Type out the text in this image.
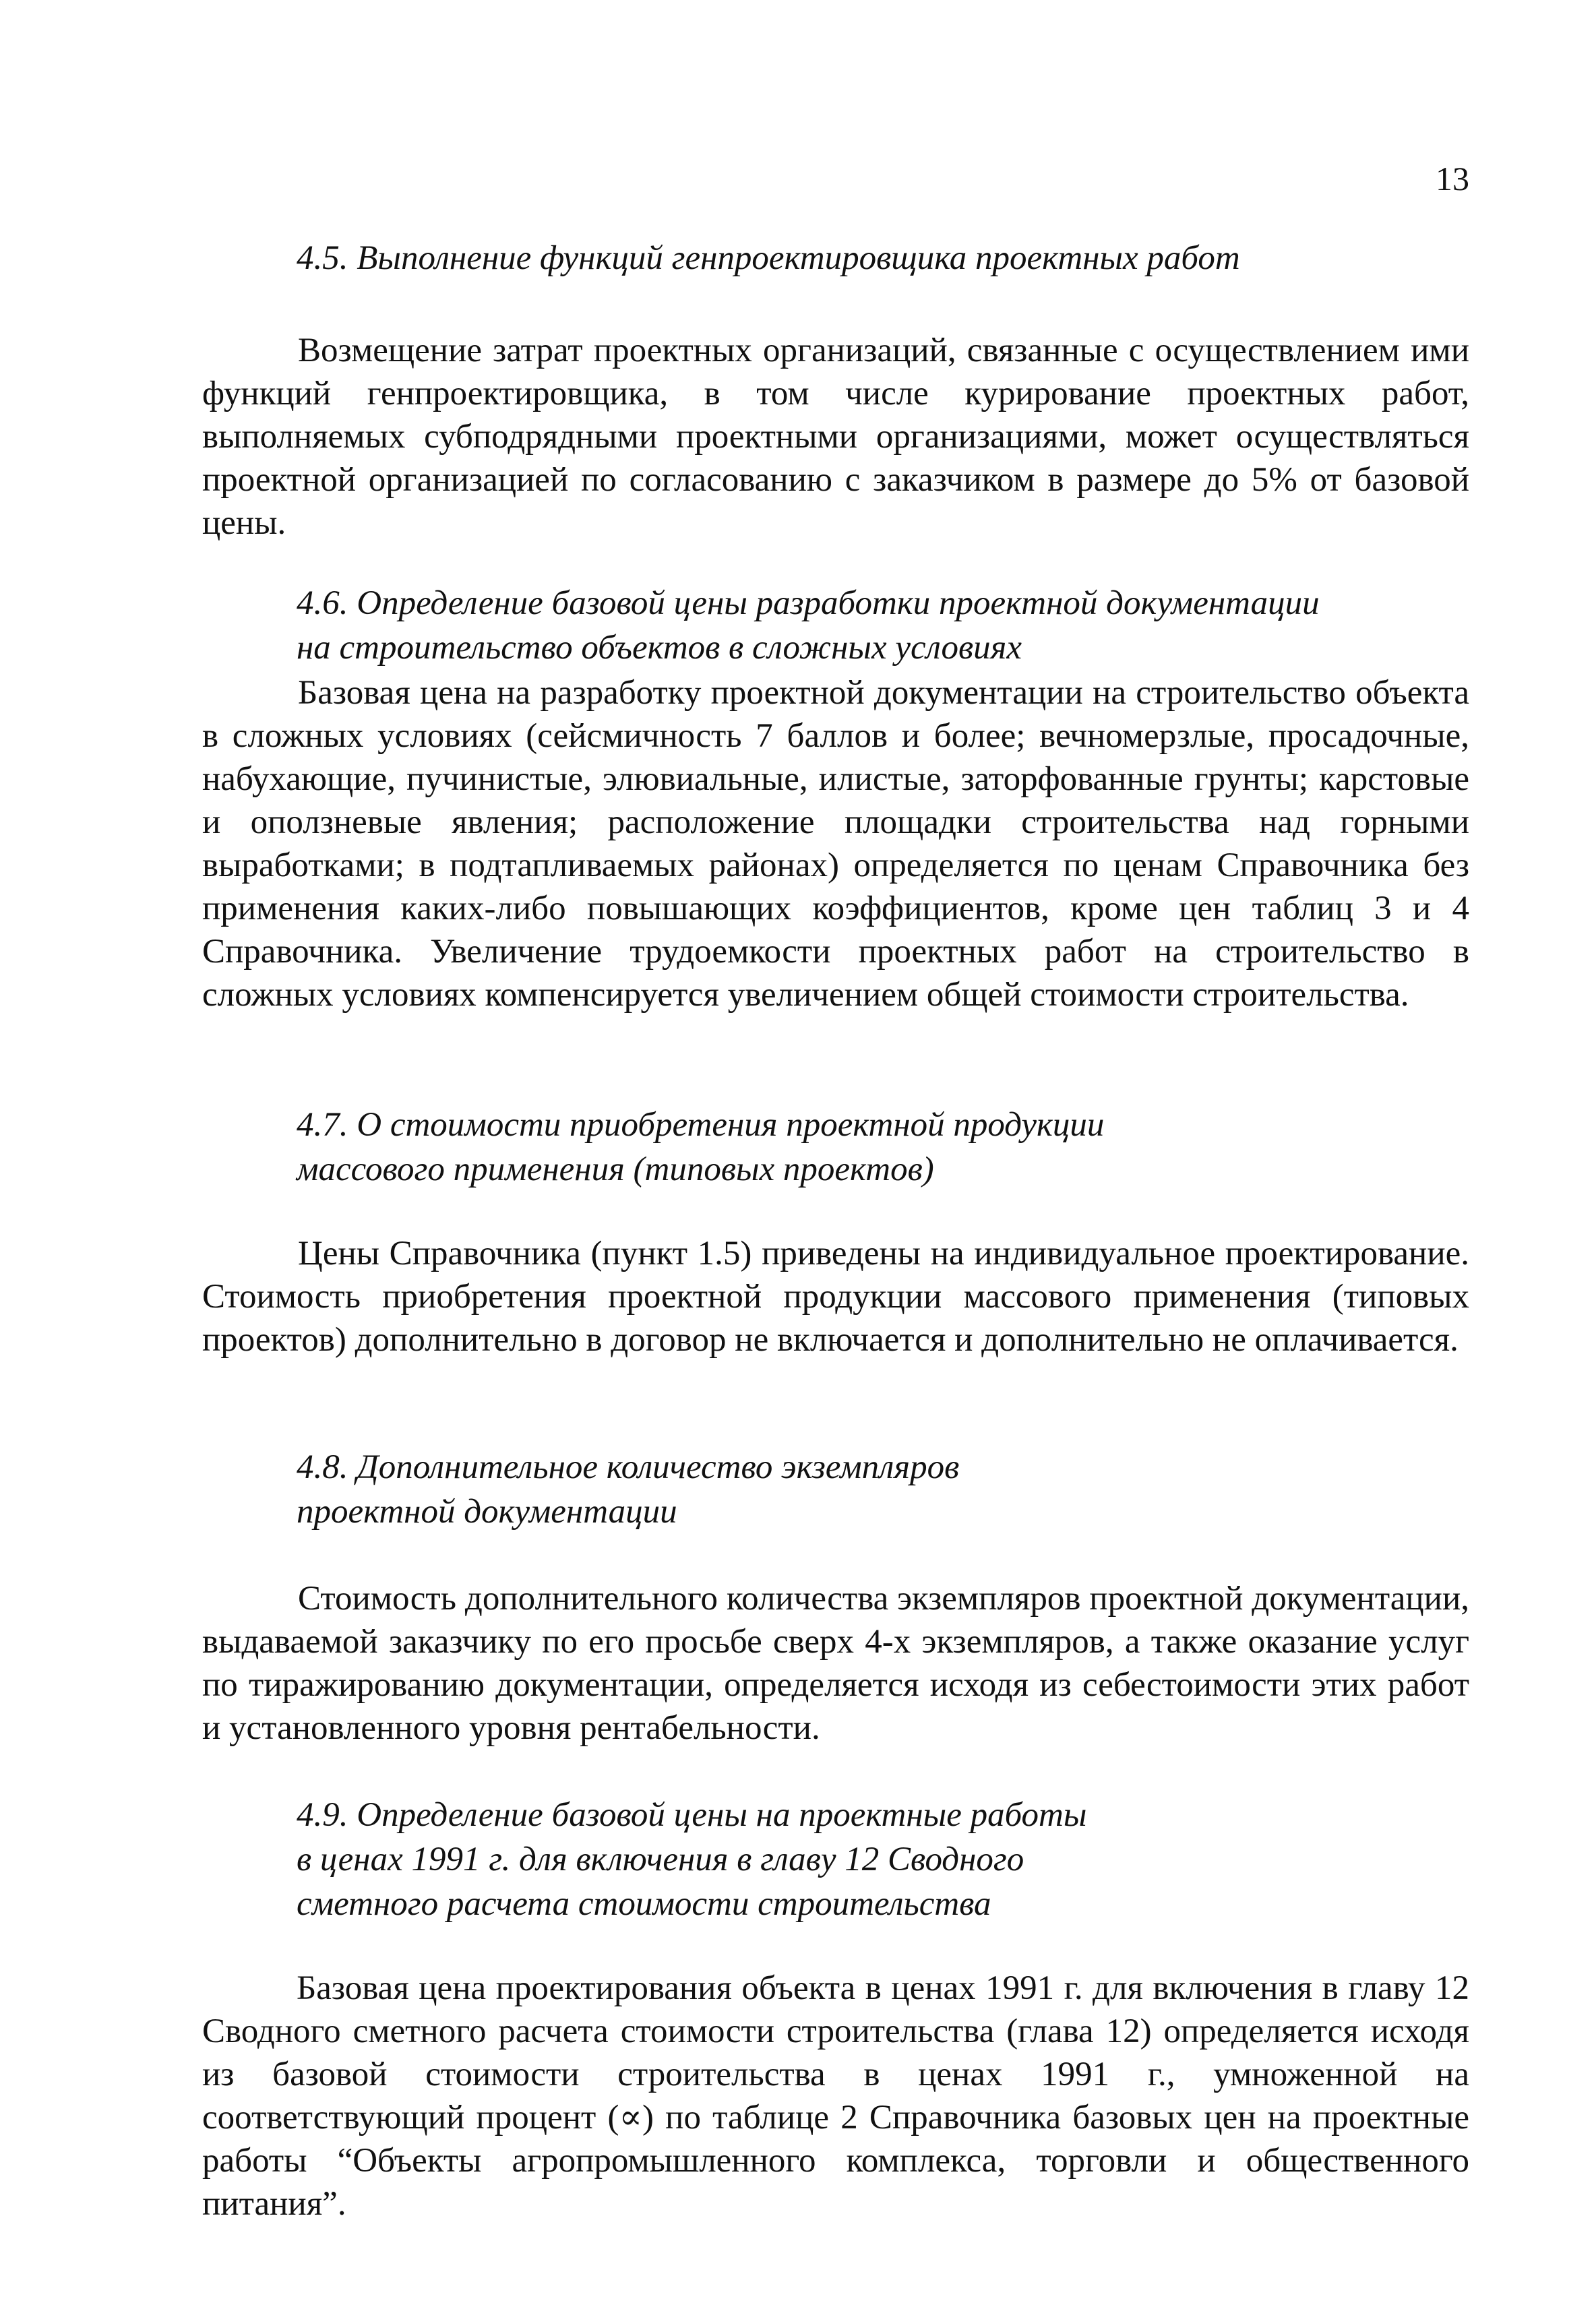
13
4.5. Выполнение функций генпроектировщика проектных работ
Возмещение затрат проектных организаций, связанные с осуществлением ими функций генпроектировщика, в том числе курирование проектных работ, выполняемых субподрядными проектными организациями, может осуществляться проектной организацией по согласованию с заказчиком в размере до 5% от базовой цены.
4.6. Определение базовой цены разработки проектной документации
на строительство объектов в сложных условиях
Базовая цена на разработку проектной документации на строительство объекта в сложных условиях (сейсмичность 7 баллов и более; вечномерзлые, просадочные, набухающие, пучинистые, элювиальные, илистые, заторфованные грунты; карстовые и оползневые явления; расположение площадки строительства над горными выработками; в подтапливаемых районах) определяется по ценам Справочника без применения каких-либо повышающих коэффициентов, кроме цен таблиц 3 и 4 Справочника. Увеличение трудоемкости проектных работ на строительство в сложных условиях компенсируется увеличением общей стоимости строительства.
4.7. О стоимости приобретения проектной продукции
массового применения (типовых проектов)
Цены Справочника (пункт 1.5) приведены на индивидуальное проектирование. Стоимость приобретения проектной продукции массового применения (типовых проектов) дополнительно в договор не включается и дополнительно не оплачивается.
4.8. Дополнительное количество экземпляров
проектной документации
Стоимость дополнительного количества экземпляров проектной документации, выдаваемой заказчику по его просьбе сверх 4-х экземпляров, а также оказание услуг по тиражированию документации, определяется исходя из себестоимости этих работ и установленного уровня рентабельности.
4.9. Определение базовой цены на проектные работы
в ценах 1991 г. для включения в главу 12 Сводного
сметного расчета стоимости строительства
Базовая цена проектирования объекта в ценах 1991 г. для включения в главу 12 Сводного сметного расчета стоимости строительства (глава 12) определяется исходя из базовой стоимости строительства в ценах 1991 г., умноженной на соответствующий процент (∝) по таблице 2 Справочника базовых цен на проектные работы “Объекты агропромышленного комплекса, торговли и общественного питания”.
